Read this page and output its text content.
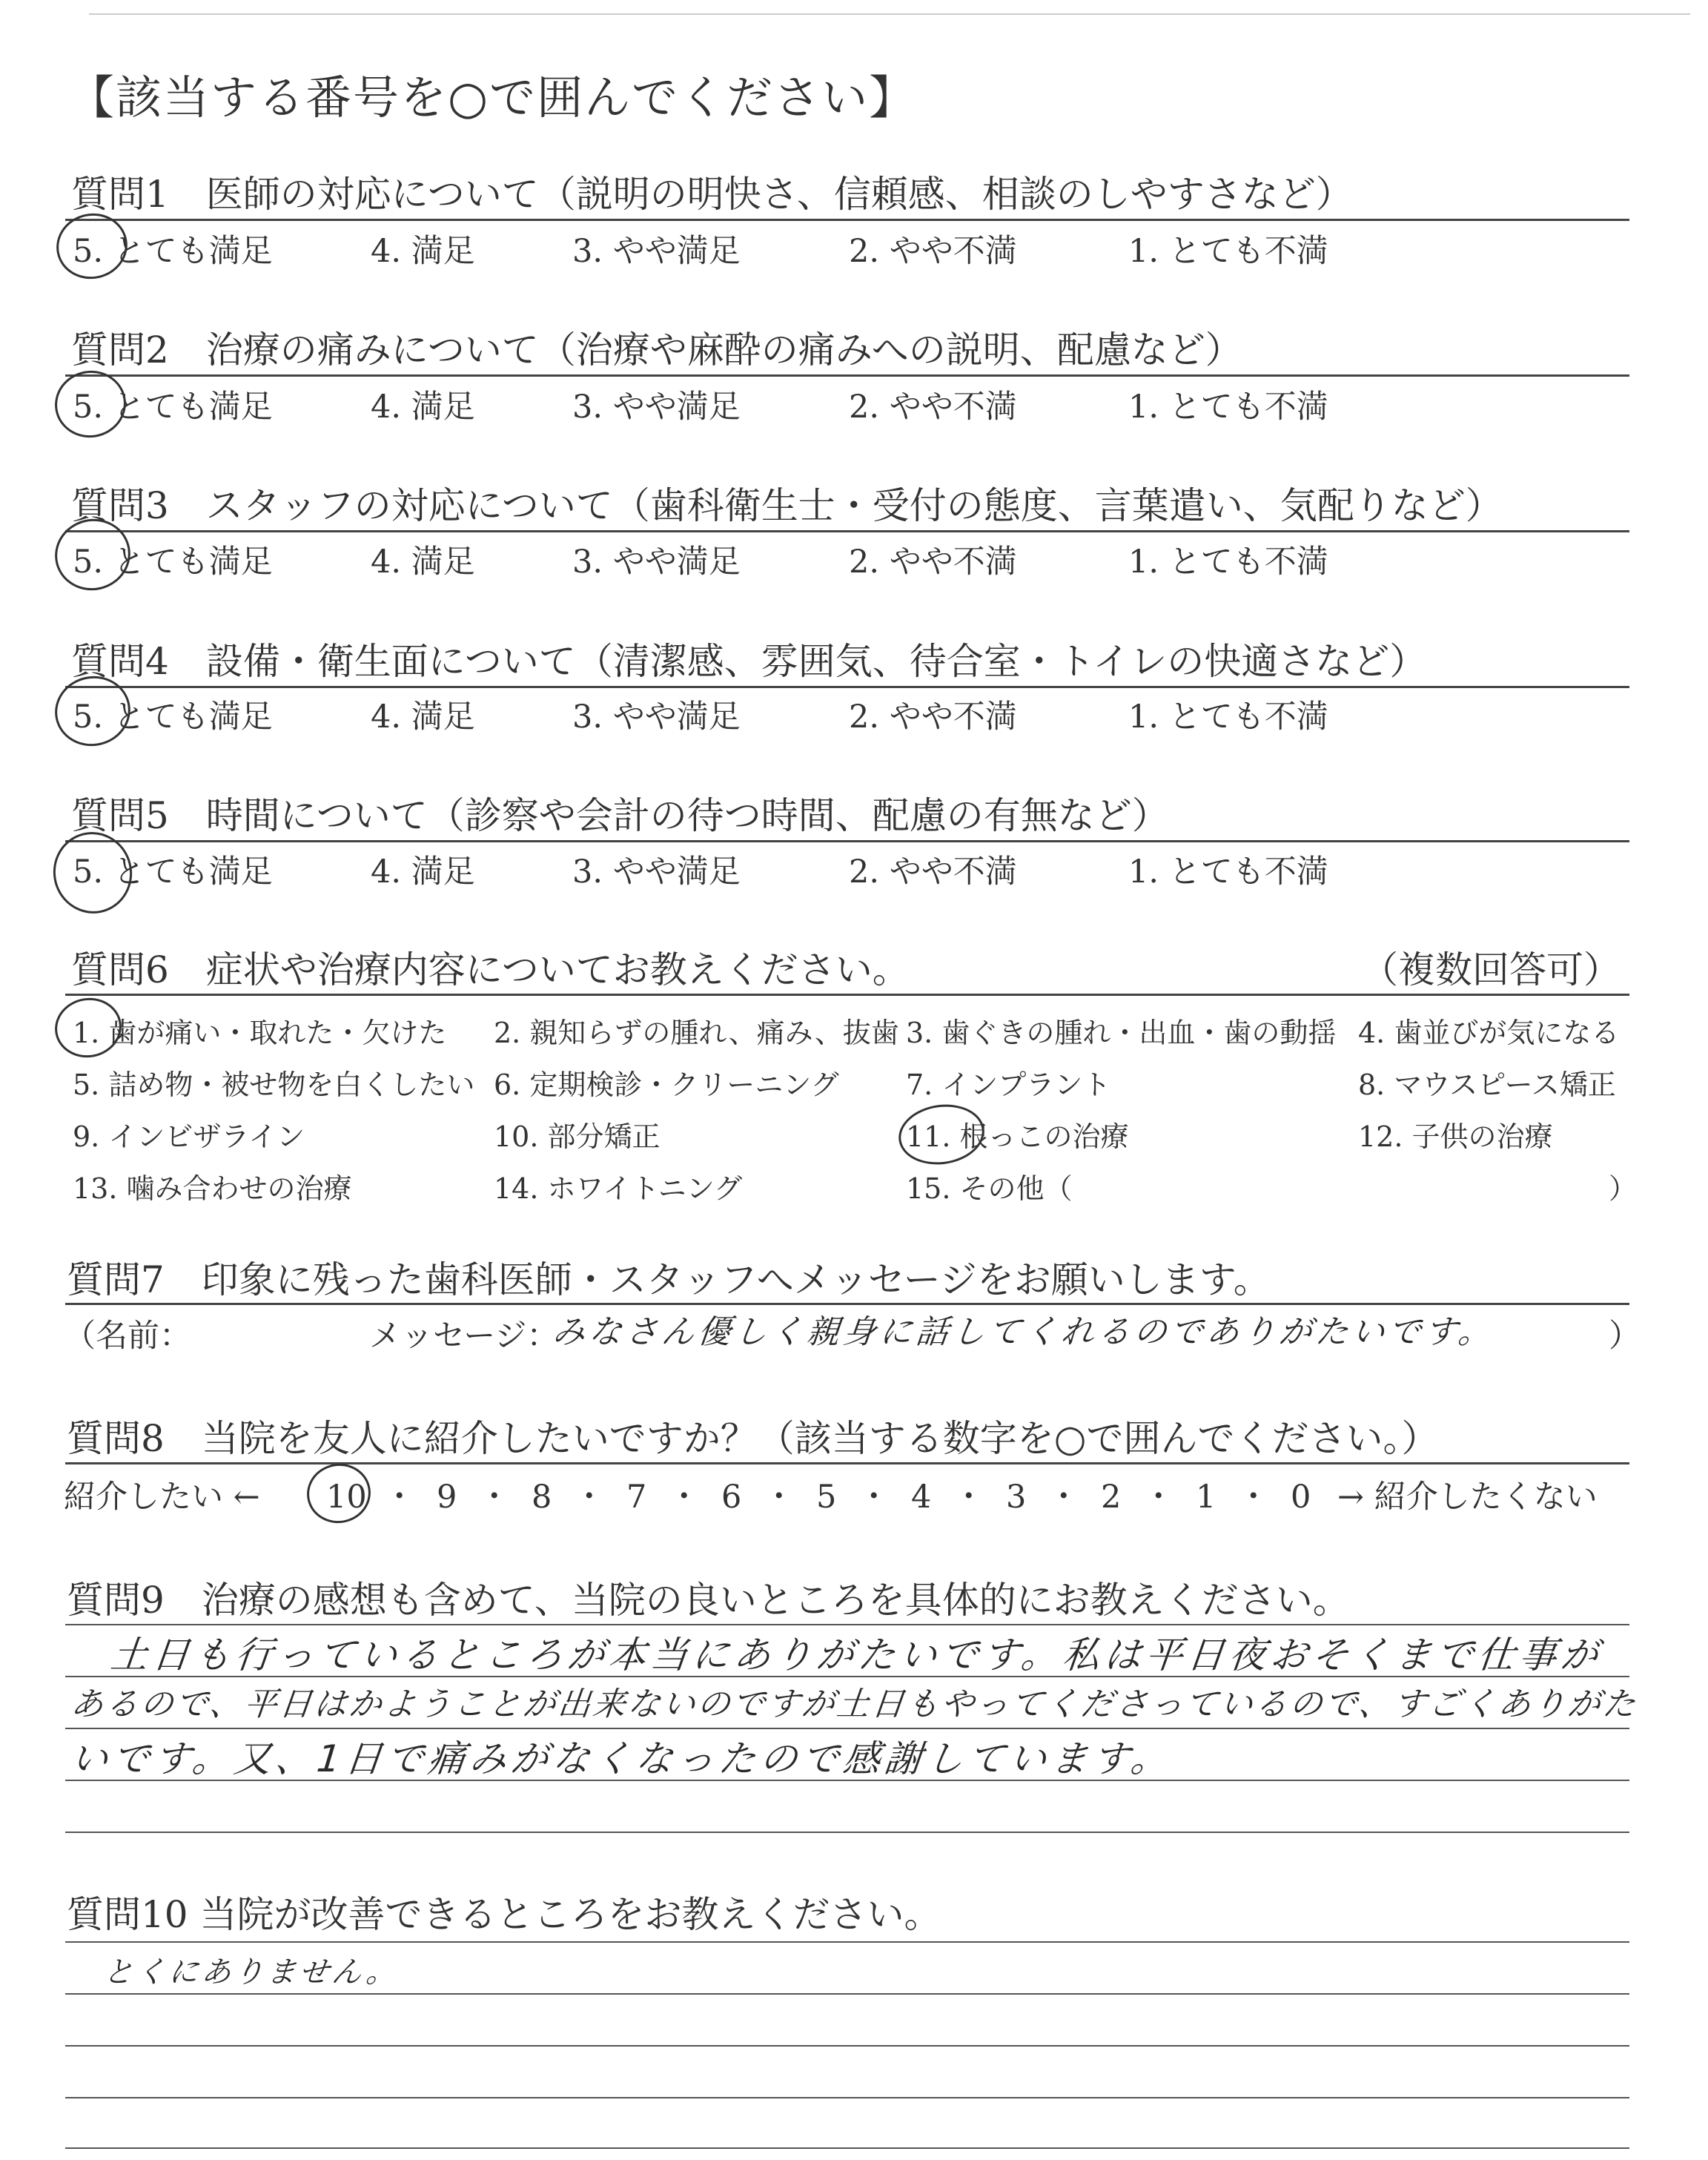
【該当する番号を○で囲んでください】
質問1　医師の対応について（説明の明快さ、信頼感、相談のしやすさなど）
5. とても満足	4. 満足	3. やや満足	2. やや不満	1. とても不満
質問2　治療の痛みについて（治療や麻酔の痛みへの説明、配慮など）
5. とても満足	4. 満足	3. やや満足	2. やや不満	1. とても不満
質問3　スタッフの対応について（歯科衛生士・受付の態度、言葉遣い、気配りなど）
5. とても満足	4. 満足	3. やや満足	2. やや不満	1. とても不満
質問4　設備・衛生面について（清潔感、雰囲気、待合室・トイレの快適さなど）
5. とても満足	4. 満足	3. やや満足	2. やや不満	1. とても不満
質問5　時間について（診察や会計の待つ時間、配慮の有無など）
5. とても満足	4. 満足	3. やや満足	2. やや不満	1. とても不満
質問6　症状や治療内容についてお教えください。	（複数回答可）
1. 歯が痛い・取れた・欠けた 2. 親知らずの腫れ、痛み、抜歯 3. 歯ぐきの腫れ・出血・歯の動揺 4. 歯並びが気になる
5. 詰め物・被せ物を白くしたい 6. 定期検診・クリーニング 7. インプラント	8. マウスピース矯正
9. インビザライン	10. 部分矯正	11. 根っこの治療	12. 子供の治療
13. 噛み合わせの治療	14. ホワイトニング	15. その他（	）
質問7　印象に残った歯科医師・スタッフへメッセージをお願いします。
（名前：	メッセージ：
みなさん優しく親身に話してくれるのでありがたいです。	）
質問8　当院を友人に紹介したいですか？（該当する数字を○で囲んでください。）
紹介したい ← 10 ・ 9 ・ 8 ・ 7 ・ 6 ・ 5 ・ 4 ・ 3 ・ 2 ・ 1 ・ 0 → 紹介したくない
質問9　治療の感想も含めて、当院の良いところを具体的にお教えください。
土日も行っているところが本当にありがたいです。私は平日夜おそくまで仕事が
あるので、平日はかようことが出来ないのですが土日もやってくださっているので、すごくありがた
いです。又、1日で痛みがなくなったので感謝しています。
質問10 当院が改善できるところをお教えください。
とくにありません。
